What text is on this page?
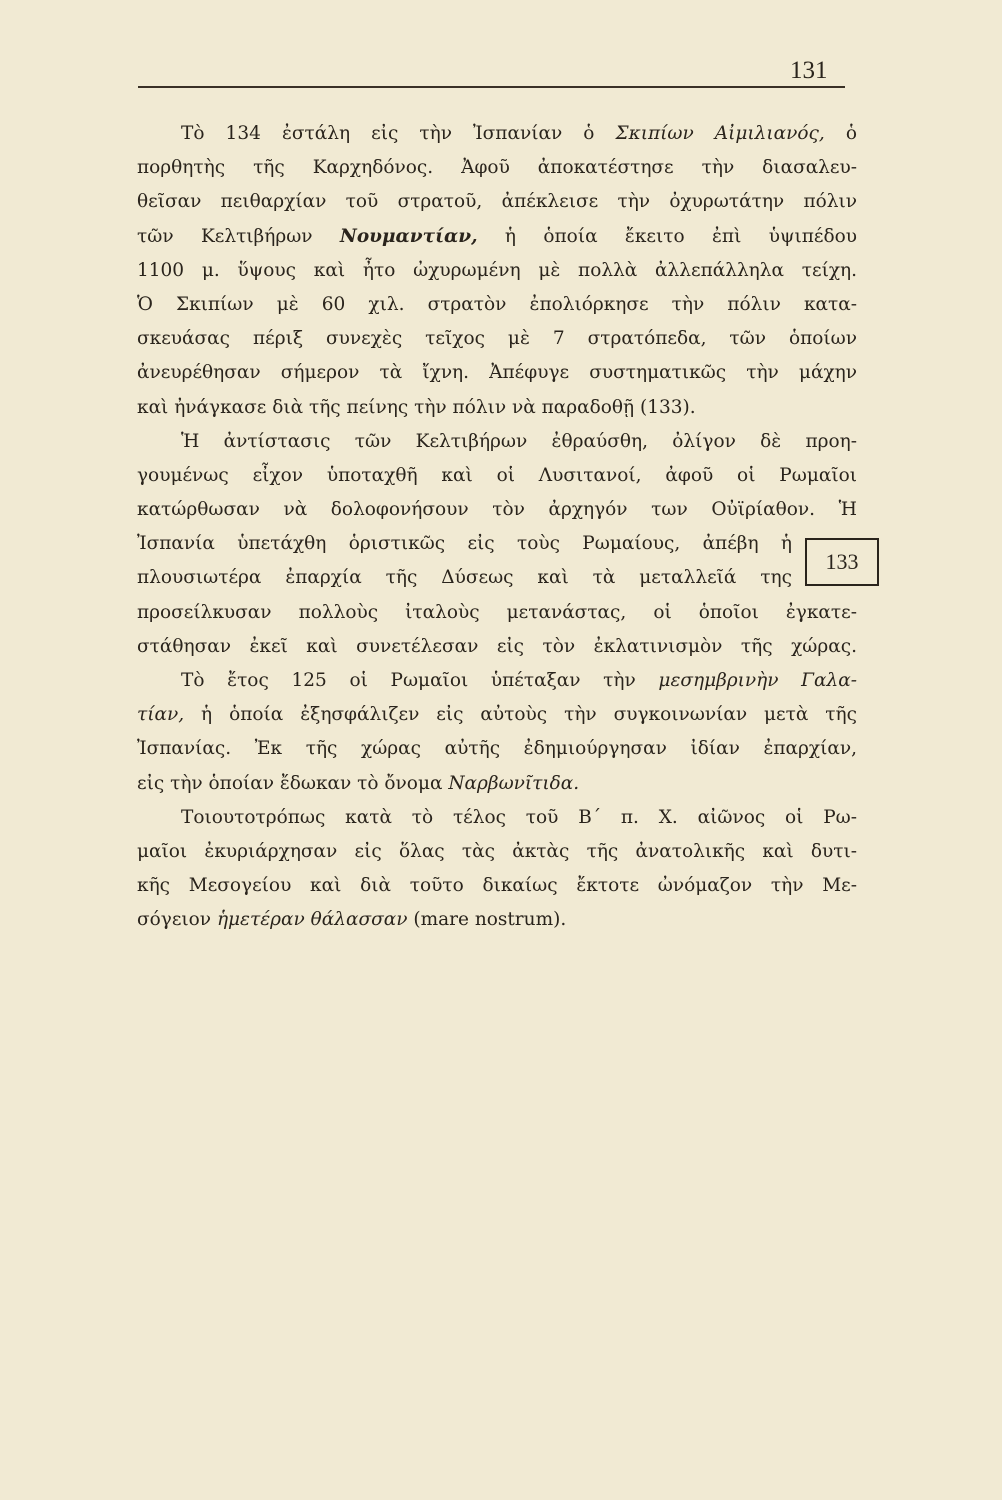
131
Τὸ 134 ἐστάλη εἰς τὴν Ἰσπανίαν ὁ Σκιπίων Αἰμιλιανός, ὁ
πορθητὴς τῆς Καρχηδόνος. Ἀφοῦ ἀποκατέστησε τὴν διασαλευ-
θεῖσαν πειθαρχίαν τοῦ στρατοῦ, ἀπέκλεισε τὴν ὀχυρωτάτην πόλιν
τῶν Κελτιβήρων Νουμαντίαν, ἡ ὁποία ἔκειτο ἐπὶ ὑψιπέδου
1100 μ. ὕψους καὶ ἦτο ὠχυρωμένη μὲ πολλὰ ἀλλεπάλληλα τείχη.
Ὁ Σκιπίων μὲ 60 χιλ. στρατὸν ἐπολιόρκησε τὴν πόλιν κατα-
σκευάσας πέριξ συνεχὲς τεῖχος μὲ 7 στρατόπεδα, τῶν ὁποίων
ἀνευρέθησαν σήμερον τὰ ἴχνη. Ἀπέφυγε συστηματικῶς τὴν μάχην
καὶ ἠνάγκασε διὰ τῆς πείνης τὴν πόλιν νὰ παραδοθῇ (133).
Ἡ ἀντίστασις τῶν Κελτιβήρων ἐθραύσθη, ὀλίγον δὲ προη-
γουμένως εἶχον ὑποταχθῆ καὶ οἱ Λυσιτανοί, ἀφοῦ οἱ Ρωμαῖοι
κατώρθωσαν νὰ δολοφονήσουν τὸν ἀρχηγόν των Οὐϊρίαθον. Ἡ
Ἰσπανία ὑπετάχθη ὁριστικῶς εἰς τοὺς Ρωμαίους, ἀπέβη ἡ
πλουσιωτέρα ἐπαρχία τῆς Δύσεως καὶ τὰ μεταλλεῖά της
προσείλκυσαν πολλοὺς ἰταλοὺς μετανάστας, οἱ ὁποῖοι ἐγκατε-
στάθησαν ἐκεῖ καὶ συνετέλεσαν εἰς τὸν ἐκλατινισμὸν τῆς χώρας.
Τὸ ἔτος 125 οἱ Ρωμαῖοι ὑπέταξαν τὴν μεσημβρινὴν Γαλα-
τίαν, ἡ ὁποία ἐξησφάλιζεν εἰς αὐτοὺς τὴν συγκοινωνίαν μετὰ τῆς
Ἰσπανίας. Ἐκ τῆς χώρας αὐτῆς ἐδημιούργησαν ἰδίαν ἐπαρχίαν,
εἰς τὴν ὁποίαν ἔδωκαν τὸ ὄνομα Ναρβωνῖτιδα.
Τοιουτοτρόπως κατὰ τὸ τέλος τοῦ Β΄ π. Χ. αἰῶνος οἱ Ρω-
μαῖοι ἐκυριάρχησαν εἰς ὅλας τὰς ἀκτὰς τῆς ἀνατολικῆς καὶ δυτι-
κῆς Μεσογείου καὶ διὰ τοῦτο δικαίως ἔκτοτε ὠνόμαζον τὴν Με-
σόγειον ἡμετέραν θάλασσαν (mare nostrum).
133
